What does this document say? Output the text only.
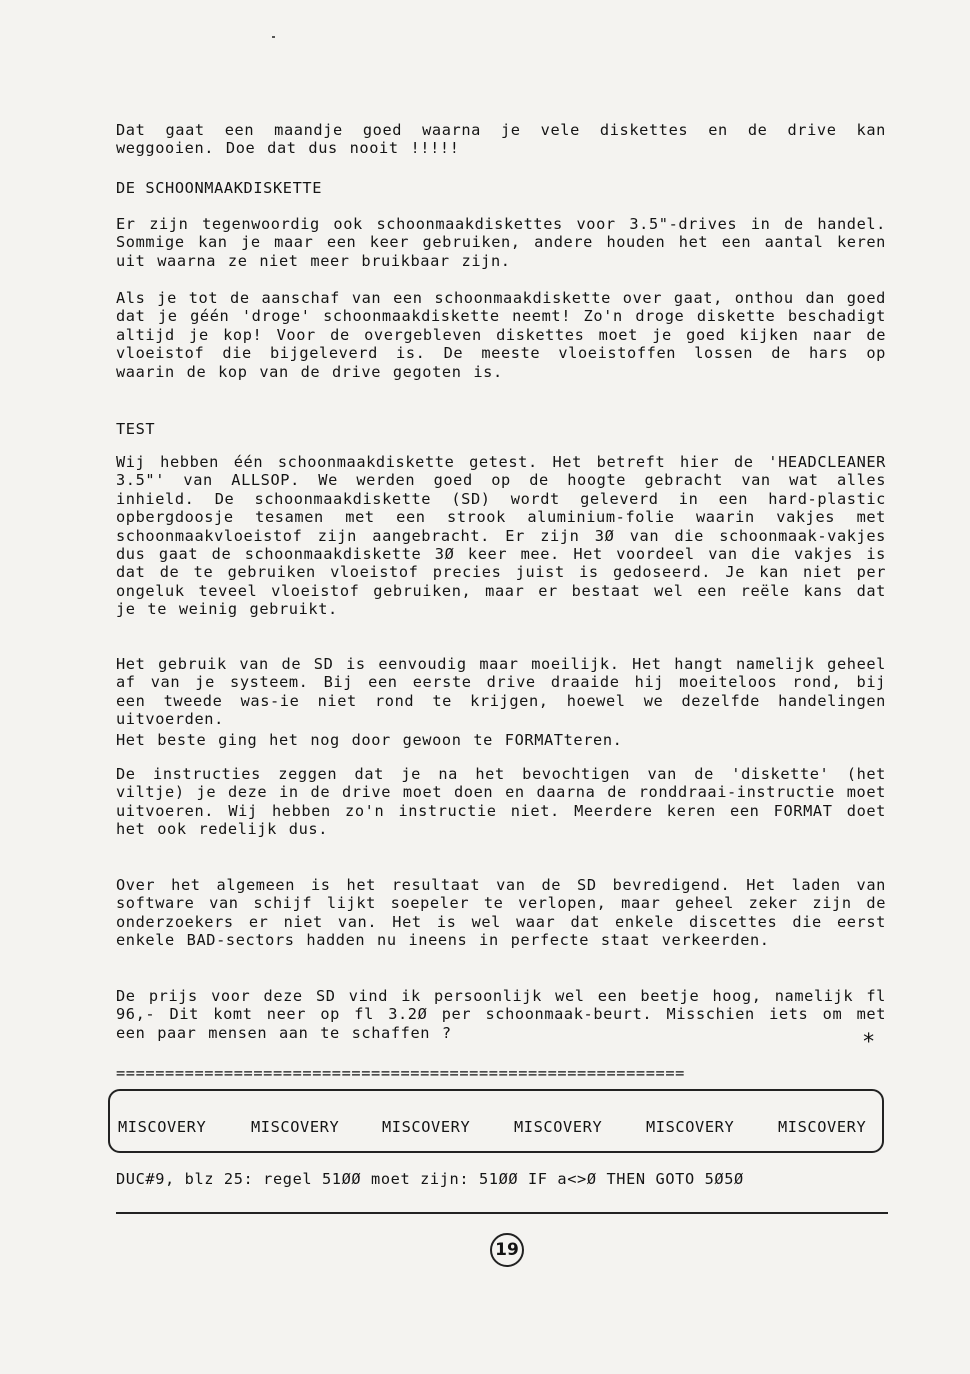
Dat gaat een maandje goed waarna je vele diskettes en de drive kan weggooien. Doe dat dus nooit !!!!!

DE SCHOONMAAKDISKETTE

Er zijn tegenwoordig ook schoonmaakdiskettes voor 3.5"-drives in de handel. Sommige kan je maar een keer gebruiken, andere houden het een aantal keren uit waarna ze niet meer bruikbaar zijn.

Als je tot de aanschaf van een schoonmaakdiskette over gaat, onthou dan goed dat je géén 'droge' schoonmaakdiskette neemt! Zo'n droge diskette beschadigt altijd je kop! Voor de overgebleven diskettes moet je goed kijken naar de vloeistof die bijgeleverd is. De meeste vloeistoffen lossen de hars op waarin de kop van de drive gegoten is.

TEST

Wij hebben één schoonmaakdiskette getest. Het betreft hier de 'HEADCLEANER 3.5"' van ALLSOP. We werden goed op de hoogte gebracht van wat alles inhield. De schoonmaakdiskette (SD) wordt geleverd in een hard-plastic opbergdoosje tesamen met een strook aluminium-folie waarin vakjes met schoonmaakvloeistof zijn aangebracht. Er zijn 3Ø van die schoonmaak-vakjes dus gaat de schoonmaakdiskette 3Ø keer mee. Het voordeel van die vakjes is dat de te gebruiken vloeistof precies juist is gedoseerd. Je kan niet per ongeluk teveel vloeistof gebruiken, maar er bestaat wel een reële kans dat je te weinig gebruikt.

Het gebruik van de SD is eenvoudig maar moeilijk. Het hangt namelijk geheel af van je systeem. Bij een eerste drive draaide hij moeiteloos rond, bij een tweede was-ie niet rond te krijgen, hoewel we dezelfde handelingen uitvoerden.

Het beste ging het nog door gewoon te FORMATteren.

De instructies zeggen dat je na het bevochtigen van de 'diskette' (het viltje) je deze in de drive moet doen en daarna de ronddraai-instructie moet uitvoeren. Wij hebben zo'n instructie niet. Meerdere keren een FORMAT doet het ook redelijk dus.

Over het algemeen is het resultaat van de SD bevredigend. Het laden van software van schijf lijkt soepeler te verlopen, maar geheel zeker zijn de onderzoekers er niet van. Het is wel waar dat enkele discettes die eerst enkele BAD-sectors hadden nu ineens in perfecte staat verkeerden.

De prijs voor deze SD vind ik persoonlijk wel een beetje hoog, namelijk fl 96,- Dit komt neer op fl 3.2Ø per schoonmaak-beurt. Misschien iets om met een paar mensen aan te schaffen ?	*
==========================================================
MISCOVERY	MISCOVERY	MISCOVERY	MISCOVERY	MISCOVERY	MISCOVERY
DUC#9, blz 25: regel 51ØØ moet zijn: 51ØØ IF a<>Ø THEN GOTO 5Ø5Ø
19
